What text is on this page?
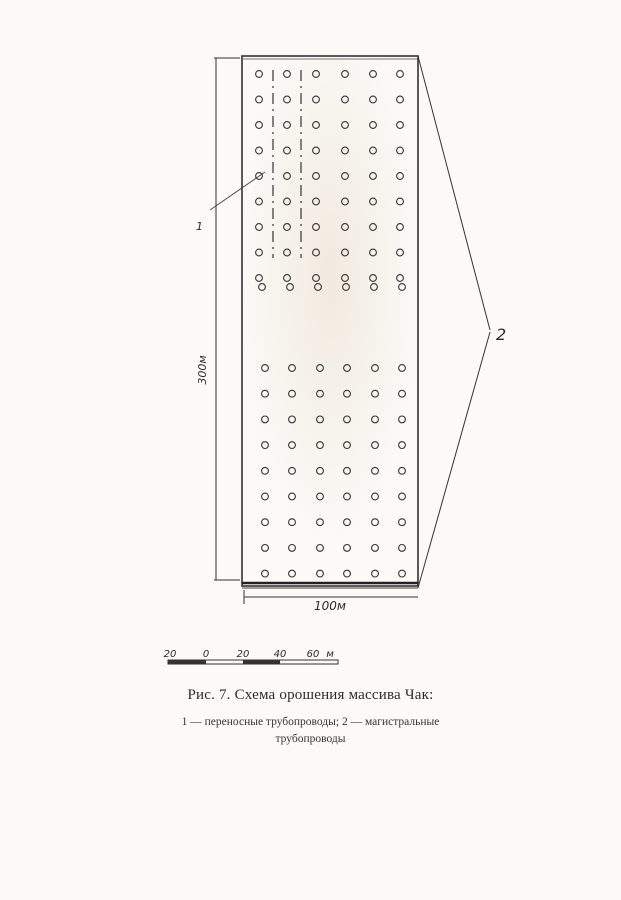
300м
100м
2
1
20	0	20 40 60 м
Рис. 7. Схема орошения массива Чак:
1 — переносные трубопроводы; 2 — магистральные
трубопроводы
